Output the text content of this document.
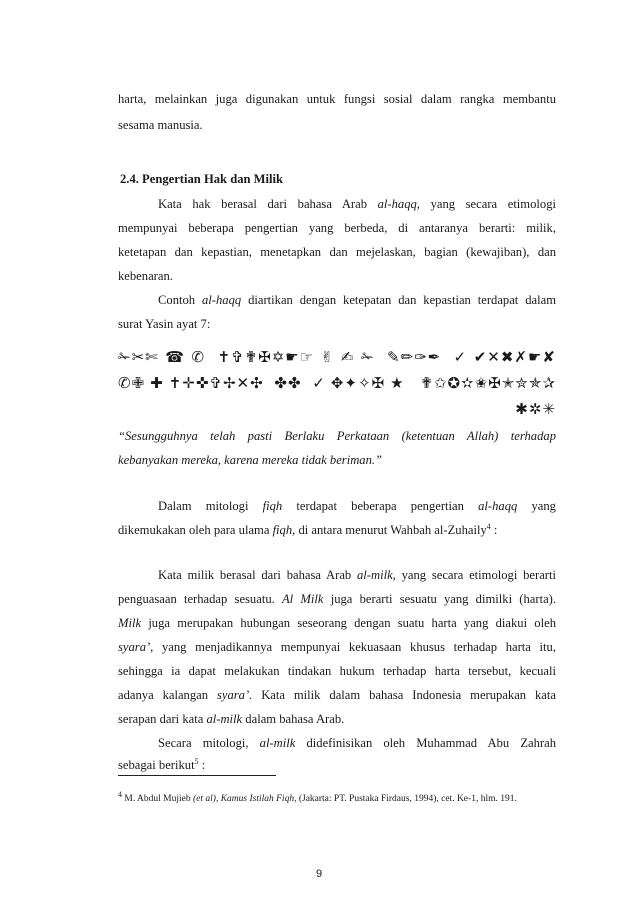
harta, melainkan juga digunakan untuk fungsi sosial dalam rangka membantu
sesama manusia.
2.4. Pengertian Hak dan Milik
Kata hak berasal dari bahasa Arab al-haqq, yang secara etimologi
mempunyai beberapa pengertian yang berbeda, di antaranya berarti: milik,
ketetapan dan kepastian, menetapkan dan mejelaskan, bagian (kewajiban), dan
kebenaran.
Contoh al-haqq diartikan dengan ketepatan dan kepastian terdapat dalam
surat Yasin ayat 7:
✁✂✄☎✆ ✝✞✟✠✡☛☞✌✍✁ ✎✏✑✒ ✓✔✕✖✗☛✘
✆✙✚✝✛✜✞✢✕✣ ✤✤ ✓✥✦✧✠★ ✟✩✪✫✬✠✭✮✯✰
✱✲✳
“Sesungguhnya telah pasti Berlaku Perkataan (ketentuan Allah) terhadap
kebanyakan mereka, karena mereka tidak beriman.”
Dalam mitologi fiqh terdapat beberapa pengertian al-haqq yang
dikemukakan oleh para ulama fiqh, di antara menurut Wahbah al-Zuhaily$^4$ :
Kata milik berasal dari bahasa Arab al-milk, yang secara etimologi berarti
penguasaan terhadap sesuatu. Al Milk juga berarti sesuatu yang dimilki (harta).
Milk juga merupakan hubungan seseorang dengan suatu harta yang diakui oleh
syara’, yang menjadikannya mempunyai kekuasaan khusus terhadap harta itu,
sehingga ia dapat melakukan tindakan hukum terhadap harta tersebut, kecuali
adanya kalangan syara’. Kata milik dalam bahasa Indonesia merupakan kata
serapan dari kata al-milk dalam bahasa Arab.
Secara mitologi, al-milk didefinisikan oleh Muhammad Abu Zahrah
sebagai berikut$^5$ :
$^4$ M. Abdul Mujieb (et al), Kamus Istilah Fiqh, (Jakarta: PT. Pustaka Firdaus, 1994), cet. Ke-1, hlm. 191.
9
